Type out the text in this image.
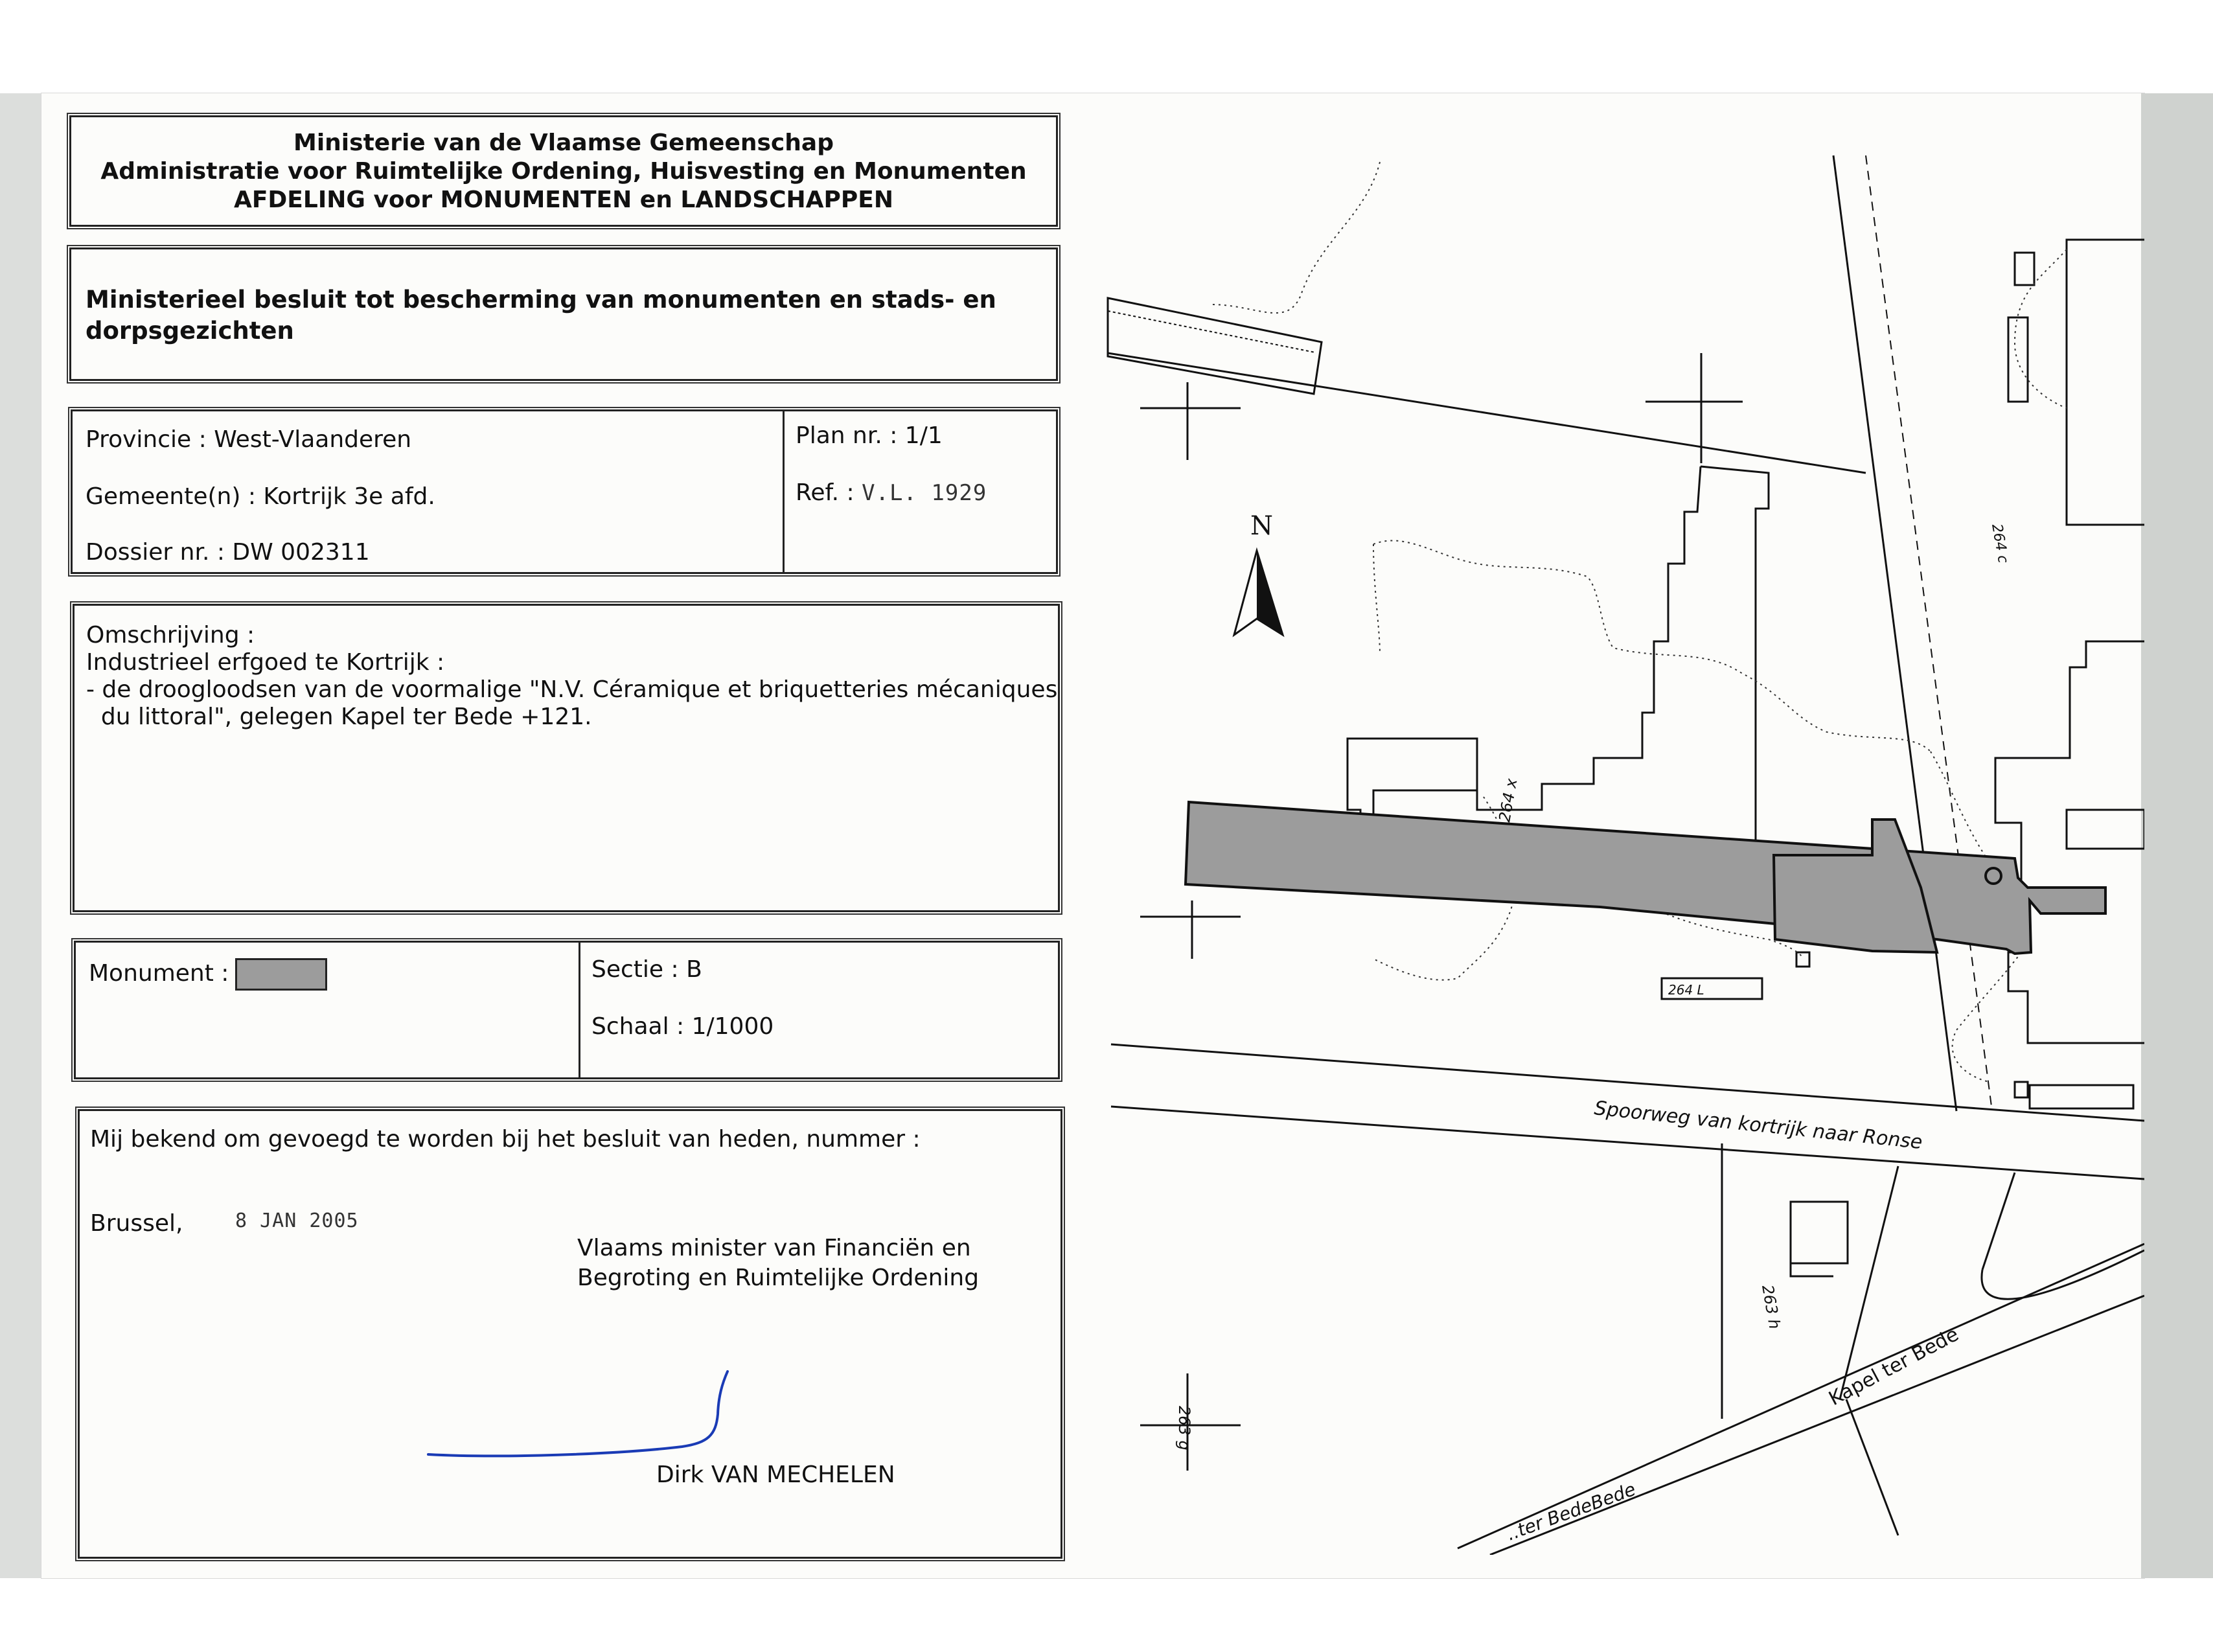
Ministerie van de Vlaamse Gemeenschap
Administratie voor Ruimtelijke Ordening, Huisvesting en Monumenten
AFDELING voor MONUMENTEN en LANDSCHAPPEN
Ministerieel besluit tot bescherming van monumenten en stads- en
dorpsgezichten
Provincie : West-Vlaanderen
Gemeente(n) : Kortrijk 3e afd.
Dossier nr. : DW 002311
Plan nr. : 1/1
Ref. : V.L. 1929
Omschrijving :
Industrieel erfgoed te Kortrijk :
- de droogloodsen van de voormalige "N.V. Céramique et briquetteries mécaniques
du littoral", gelegen Kapel ter Bede +121.
Monument :	Sectie : B
Schaal : 1/1000
Mij bekend om gevoegd te worden bij het besluit van heden, nummer :
Brussel,	8 JAN 2005
Vlaams minister van Financiën en
Begroting en Ruimtelijke Ordening
Dirk VAN MECHELEN
N
Spoorweg van kortrijk naar Ronse
Kapel ter Bede
..ter BedeBede
264 x
263 g
263 h
264 L
264 c
